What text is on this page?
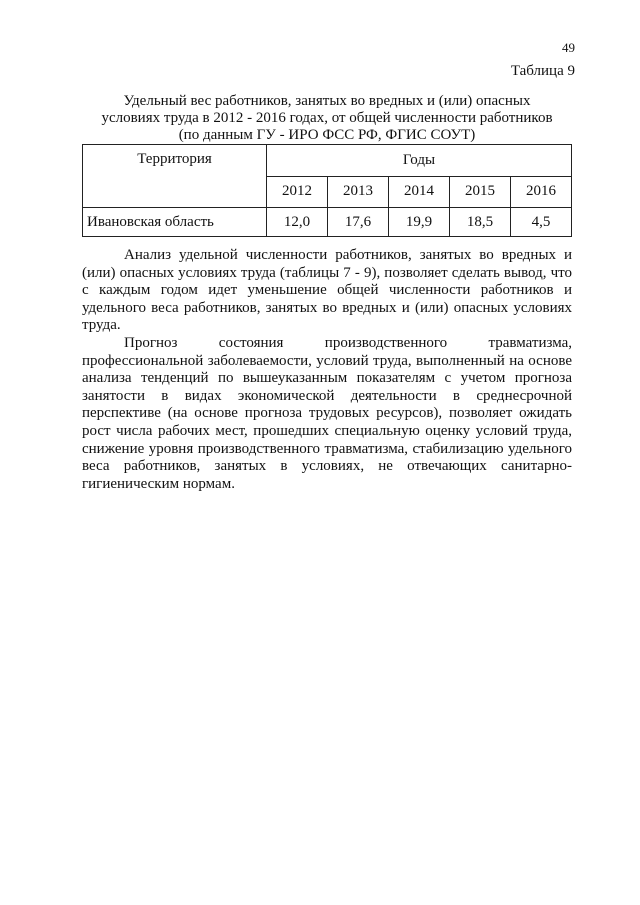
49
Таблица 9
Удельный вес работников, занятых во вредных и (или) опасных
условиях труда в 2012 - 2016 годах, от общей численности работников
(по данным ГУ - ИРО ФСС РФ, ФГИС СОУТ)
Территория	Годы				
	2012	2013	2014	2015	2016
Ивановская область	12,0	17,6	19,9	18,5	4,5

Анализ удельной численности работников, занятых во вредных и (или) опасных условиях труда (таблицы 7 - 9), позволяет сделать вывод, что с каждым годом идет уменьшение общей численности работников и удельного веса работников, занятых во вредных и (или) опасных условиях труда.

Прогноз состояния производственного травматизма, профессиональной заболеваемости, условий труда, выполненный на основе анализа тенденций по вышеуказанным показателям с учетом прогноза занятости в видах экономической деятельности в среднесрочной перспективе (на основе прогноза трудовых ресурсов), позволяет ожидать рост числа рабочих мест, прошедших специальную оценку условий труда, снижение уровня производственного травматизма, стабилизацию удельного веса работников, занятых в условиях, не отвечающих санитарно-гигиеническим нормам.
